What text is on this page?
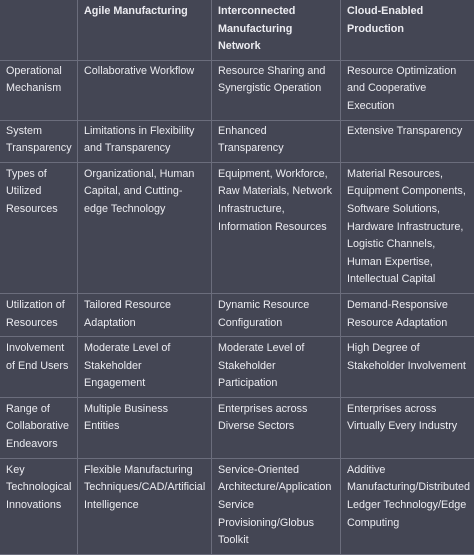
	Agile Manufacturing	Interconnected Manufacturing Network	Cloud-Enabled Production
Operational Mechanism	Collaborative Workflow	Resource Sharing and Synergistic Operation	Resource Optimization and Cooperative Execution
System Transparency	Limitations in Flexibility and Transparency	Enhanced Transparency	Extensive Transparency
Types of Utilized Resources	Organizational, Human Capital, and Cutting-edge Technology	Equipment, Workforce, Raw Materials, Network Infrastructure, Information Resources	Material Resources, Equipment Components, Software Solutions, Hardware Infrastructure, Logistic Channels, Human Expertise, Intellectual Capital
Utilization of Resources	Tailored Resource Adaptation	Dynamic Resource Configuration	Demand-Responsive Resource Adaptation
Involvement of End Users	Moderate Level of Stakeholder Engagement	Moderate Level of Stakeholder Participation	High Degree of Stakeholder Involvement
Range of Collaborative Endeavors	Multiple Business Entities	Enterprises across Diverse Sectors	Enterprises across Virtually Every Industry
Key Technological Innovations	Flexible Manufacturing Techniques/CAD/Artificial Intelligence	Service-Oriented Architecture/Application Service Provisioning/Globus Toolkit	Additive Manufacturing/Distributed Ledger Technology/Edge Computing
